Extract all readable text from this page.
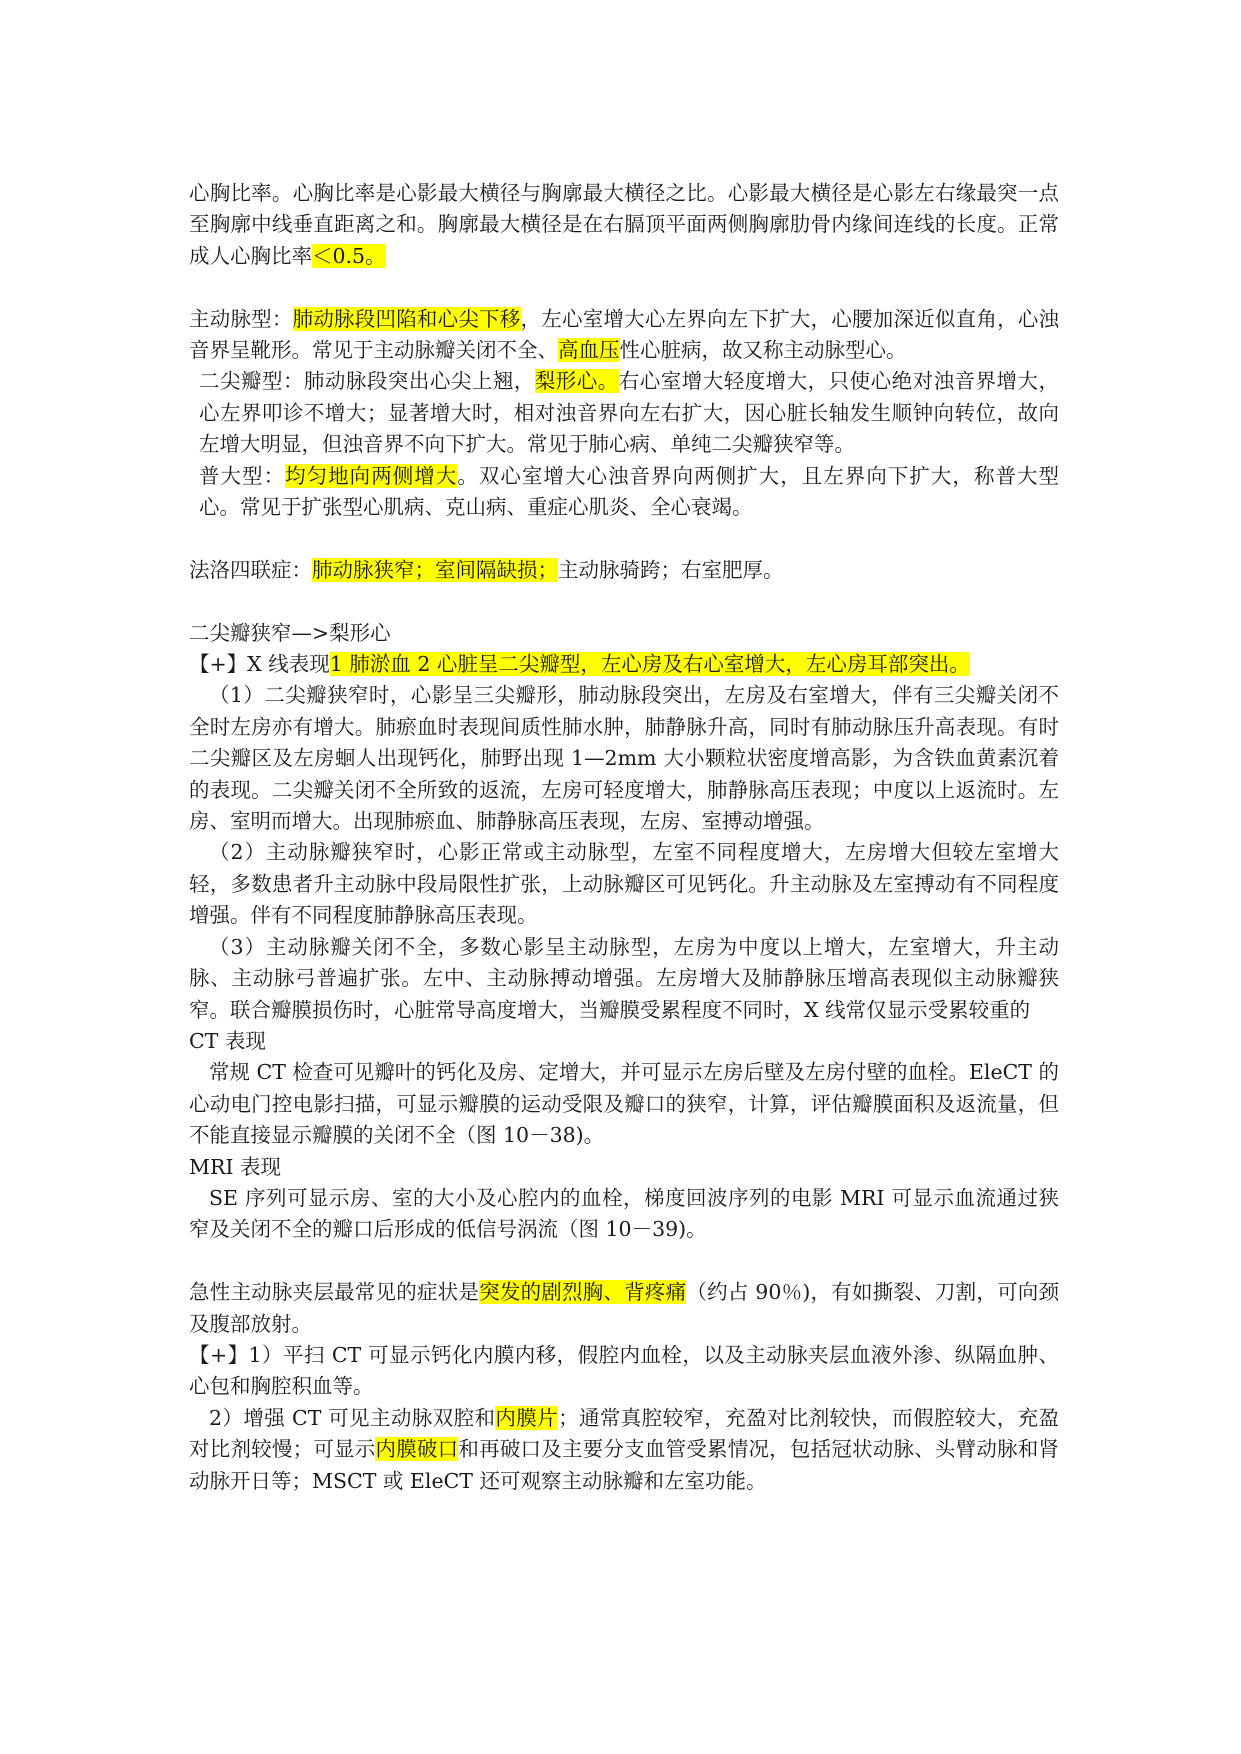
心胸比率。心胸比率是心影最大横径与胸廓最大横径之比。心影最大横径是心影左右缘最突一点至胸廓中线垂直距离之和。胸廓最大横径是在右膈顶平面两侧胸廓肋骨内缘间连线的长度。正常成人心胸比率＜0.5。

主动脉型：肺动脉段凹陷和心尖下移，左心室增大心左界向左下扩大，心腰加深近似直角，心浊音界呈靴形。常见于主动脉瓣关闭不全、高血压性心脏病，故又称主动脉型心。

二尖瓣型：肺动脉段突出心尖上翘，梨形心。右心室增大轻度增大，只使心绝对浊音界增大，心左界叩诊不增大；显著增大时，相对浊音界向左右扩大，因心脏长轴发生顺钟向转位，故向左增大明显，但浊音界不向下扩大。常见于肺心病、单纯二尖瓣狭窄等。

普大型：均匀地向两侧增大。双心室增大心浊音界向两侧扩大，且左界向下扩大，称普大型心。常见于扩张型心肌病、克山病、重症心肌炎、全心衰竭。

法洛四联症：肺动脉狭窄；室间隔缺损；主动脉骑跨；右室肥厚。

二尖瓣狭窄—>梨形心

【+】X 线表现1 肺淤血 2 心脏呈二尖瓣型，左心房及右心室增大，左心房耳部突出。

（1）二尖瓣狭窄时，心影呈三尖瓣形，肺动脉段突出，左房及右室增大，伴有三尖瓣关闭不全时左房亦有增大。肺瘀血时表现间质性肺水肿，肺静脉升高，同时有肺动脉压升高表现。有时二尖瓣区及左房蛔人出现钙化，肺野出现 1—2mm 大小颗粒状密度增高影，为含铁血黄素沉着的表现。二尖瓣关闭不全所致的返流，左房可轻度增大，肺静脉高压表现；中度以上返流时。左房、室明而增大。出现肺瘀血、肺静脉高压表现，左房、室搏动增强。

（2）主动脉瓣狭窄时，心影正常或主动脉型，左室不同程度增大，左房增大但较左室增大轻，多数患者升主动脉中段局限性扩张，上动脉瓣区可见钙化。升主动脉及左室搏动有不同程度增强。伴有不同程度肺静脉高压表现。

（3）主动脉瓣关闭不全，多数心影呈主动脉型，左房为中度以上增大，左室增大，升主动脉、主动脉弓普遍扩张。左中、主动脉搏动增强。左房增大及肺静脉压增高表现似主动脉瓣狭窄。联合瓣膜损伤时，心脏常导高度增大，当瓣膜受累程度不同时，X 线常仅显示受累较重的

CT 表现

常规 CT 检查可见瓣叶的钙化及房、定增大，并可显示左房后壁及左房付壁的血栓。EleCT 的心动电门控电影扫描，可显示瓣膜的运动受限及瓣口的狭窄，计算，评估瓣膜面积及返流量，但不能直接显示瓣膜的关闭不全（图 10－38)。

MRI 表现

SE 序列可显示房、室的大小及心腔内的血栓，梯度回波序列的电影 MRI 可显示血流通过狭窄及关闭不全的瓣口后形成的低信号涡流（图 10－39)。

急性主动脉夹层最常见的症状是突发的剧烈胸、背疼痛（约占 90％)，有如撕裂、刀割，可向颈及腹部放射。

【+】1）平扫 CT 可显示钙化内膜内移，假腔内血栓，以及主动脉夹层血液外渗、纵隔血肿、心包和胸腔积血等。

2）增强 CT 可见主动脉双腔和内膜片；通常真腔较窄，充盈对比剂较快，而假腔较大，充盈对比剂较慢；可显示内膜破口和再破口及主要分支血管受累情况，包括冠状动脉、头臂动脉和肾动脉开日等；MSCT 或 EleCT 还可观察主动脉瓣和左室功能。
